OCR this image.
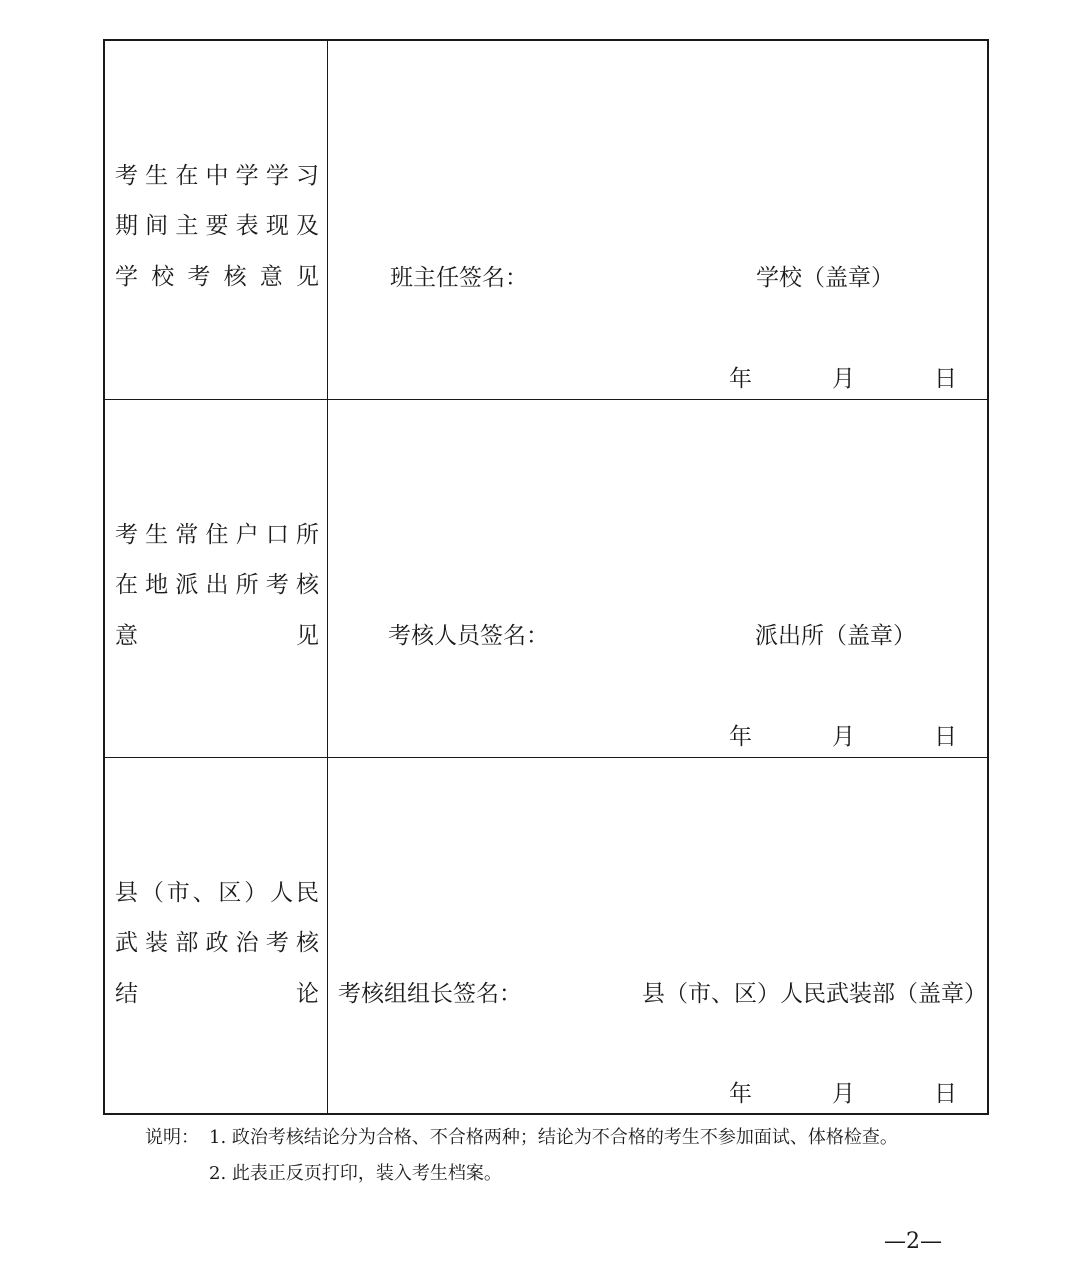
考生在中学学习
期间主要表现及
学校考核意见	班主任签名：	学校（盖章）
年	月	日
考生常住户口所
在地派出所考核
意　　　　　见	考核人员签名：	派出所（盖章）
年	月	日
县（市、区）人民
武装部政治考核
结　　　　　论 考核组组长签名：	县（市、区）人民武装部（盖章）
年	月	日
说明： 1. 政治考核结论分为合格、不合格两种；结论为不合格的考生不参加面试、体格检查。
2. 此表正反页打印，装入考生档案。
—2—
